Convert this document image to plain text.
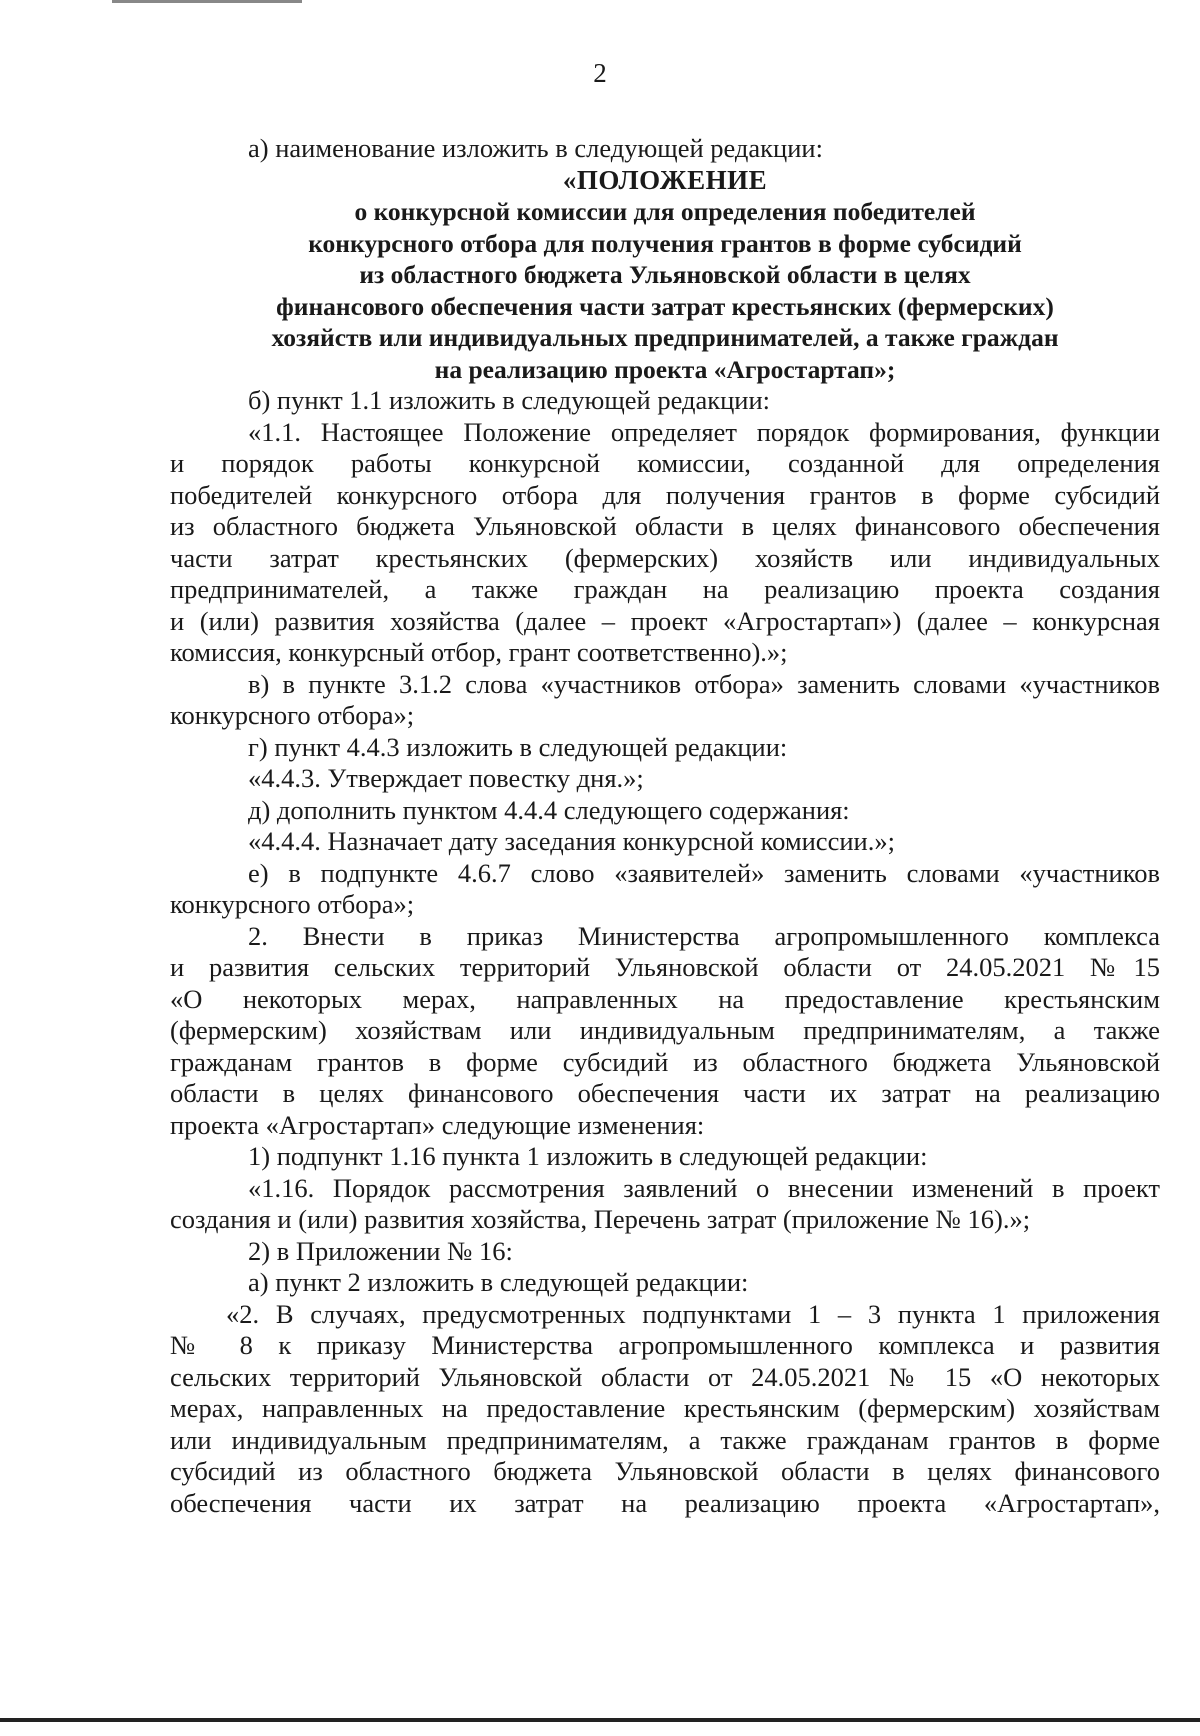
2
а) наименование изложить в следующей редакции:
«ПОЛОЖЕНИЕ
о конкурсной комиссии для определения победителей
конкурсного отбора для получения грантов в форме субсидий
из областного бюджета Ульяновской области в целях
финансового обеспечения части затрат крестьянских (фермерских)
хозяйств или индивидуальных предпринимателей, а также граждан
на реализацию проекта «Агростартап»;
б) пункт 1.1 изложить в следующей редакции:
«1.1. Настоящее Положение определяет порядок формирования, функции
и порядок работы конкурсной комиссии, созданной для определения
победителей конкурсного отбора для получения грантов в форме субсидий
из областного бюджета Ульяновской области в целях финансового обеспечения
части затрат крестьянских (фермерских) хозяйств или индивидуальных
предпринимателей, а также граждан на реализацию проекта создания
и (или) развития хозяйства (далее – проект «Агростартап») (далее – конкурсная
комиссия, конкурсный отбор, грант соответственно).»;
в) в пункте 3.1.2 слова «участников отбора» заменить словами «участников
конкурсного отбора»;
г) пункт 4.4.3 изложить в следующей редакции:
«4.4.3. Утверждает повестку дня.»;
д) дополнить пунктом 4.4.4 следующего содержания:
«4.4.4. Назначает дату заседания конкурсной комиссии.»;
е) в подпункте 4.6.7 слово «заявителей» заменить словами «участников
конкурсного отбора»;
2. Внести в приказ Министерства агропромышленного комплекса
и развития сельских территорий Ульяновской области от 24.05.2021 №15
«О некоторых мерах, направленных на предоставление крестьянским
(фермерским) хозяйствам или индивидуальным предпринимателям, а также
гражданам грантов в форме субсидий из областного бюджета Ульяновской
области в целях финансового обеспечения части их затрат на реализацию
проекта «Агростартап» следующие изменения:
1) подпункт 1.16 пункта 1 изложить в следующей редакции:
«1.16. Порядок рассмотрения заявлений о внесении изменений в проект
создания и (или) развития хозяйства, Перечень затрат (приложение № 16).»;
2) в Приложении № 16:
а) пункт 2 изложить в следующей редакции:
«2. В случаях, предусмотренных подпунктами 1 – 3 пункта 1 приложения
№ 8 к приказу Министерства агропромышленного комплекса и развития
сельских территорий Ульяновской области от 24.05.2021 № 15 «О некоторых
мерах, направленных на предоставление крестьянским (фермерским) хозяйствам
или индивидуальным предпринимателям, а также гражданам грантов в форме
субсидий из областного бюджета Ульяновской области в целях финансового
обеспечения части их затрат на реализацию проекта «Агростартап»,
